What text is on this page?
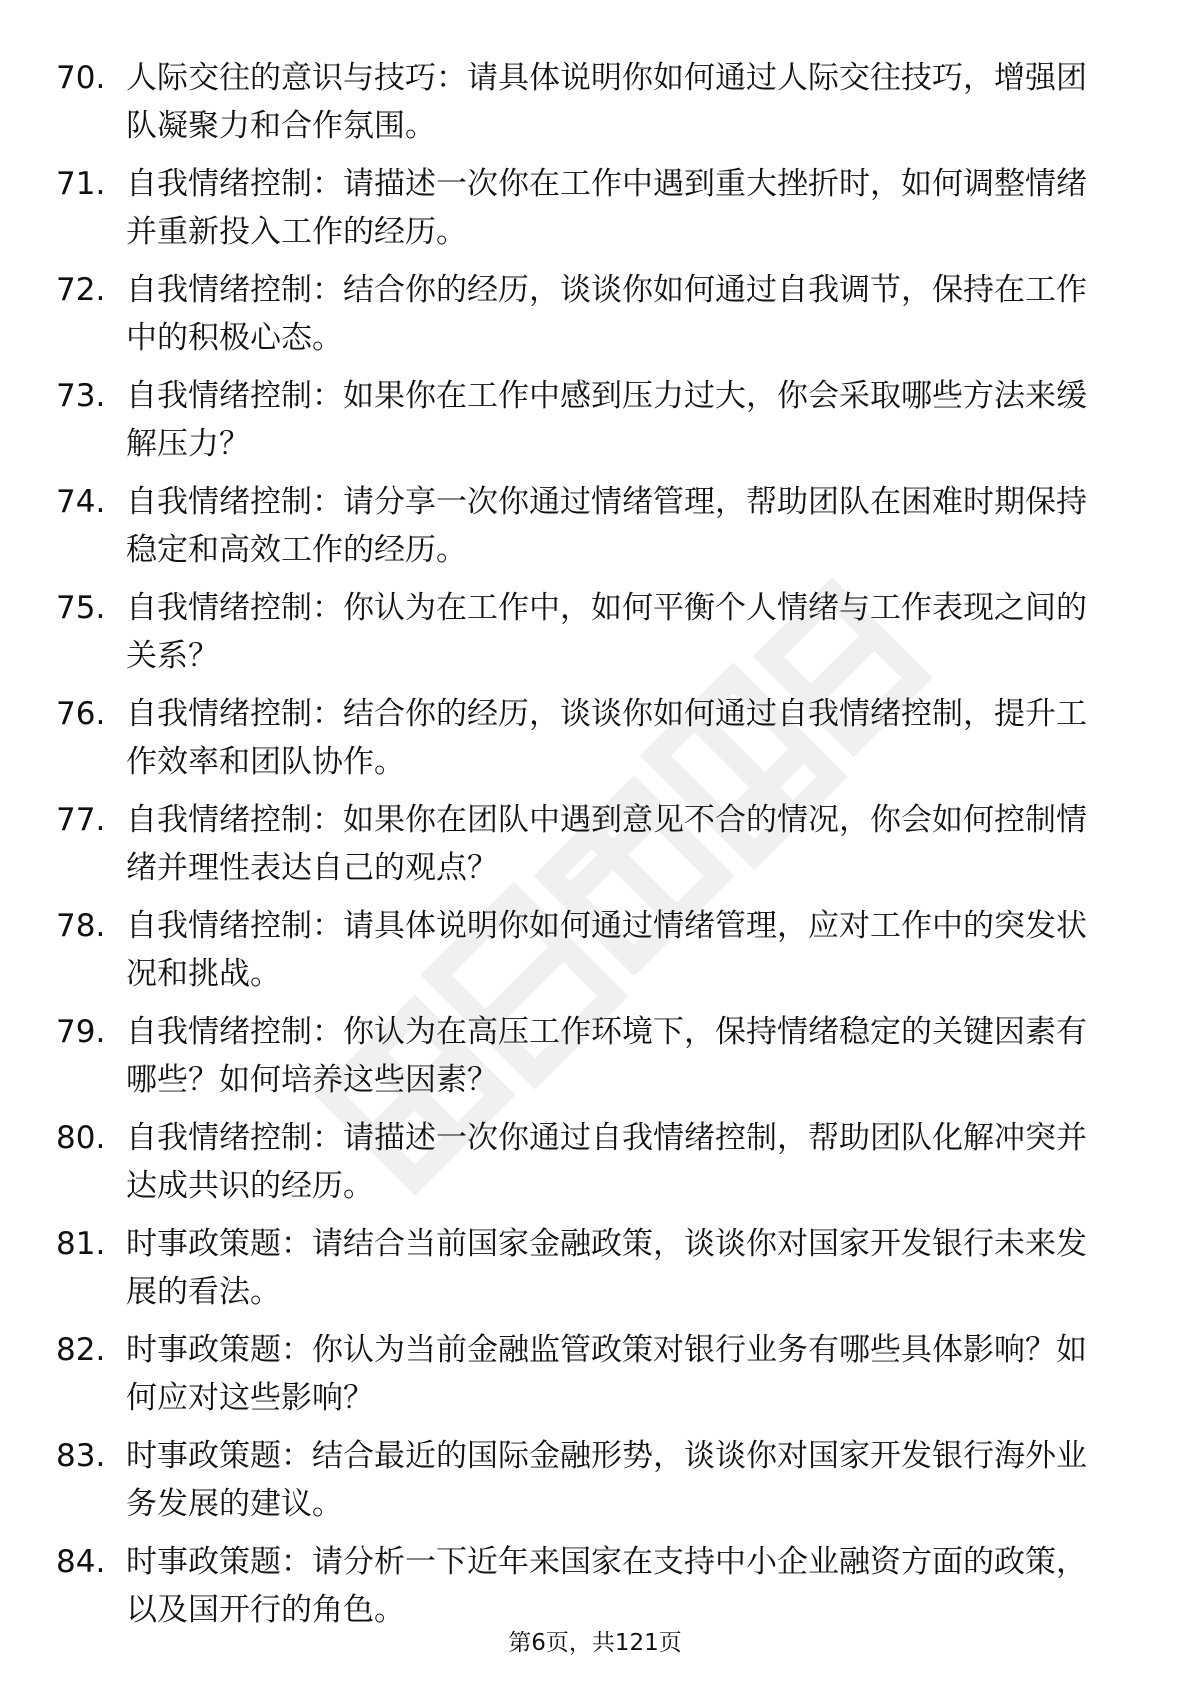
70. 人际交往的意识与技巧：请具体说明你如何通过人际交往技巧，增强团队凝聚力和合作氛围。
71. 自我情绪控制：请描述一次你在工作中遇到重大挫折时，如何调整情绪并重新投入工作的经历。
72. 自我情绪控制：结合你的经历，谈谈你如何通过自我调节，保持在工作中的积极心态。
73. 自我情绪控制：如果你在工作中感到压力过大，你会采取哪些方法来缓解压力？
74. 自我情绪控制：请分享一次你通过情绪管理，帮助团队在困难时期保持稳定和高效工作的经历。
75. 自我情绪控制：你认为在工作中，如何平衡个人情绪与工作表现之间的关系？
76. 自我情绪控制：结合你的经历，谈谈你如何通过自我情绪控制，提升工作效率和团队协作。
77. 自我情绪控制：如果你在团队中遇到意见不合的情况，你会如何控制情绪并理性表达自己的观点？
78. 自我情绪控制：请具体说明你如何通过情绪管理，应对工作中的突发状况和挑战。
79. 自我情绪控制：你认为在高压工作环境下，保持情绪稳定的关键因素有哪些？如何培养这些因素？
80. 自我情绪控制：请描述一次你通过自我情绪控制，帮助团队化解冲突并达成共识的经历。
81. 时事政策题：请结合当前国家金融政策，谈谈你对国家开发银行未来发展的看法。
82. 时事政策题：你认为当前金融监管政策对银行业务有哪些具体影响？如何应对这些影响？
83. 时事政策题：结合最近的国际金融形势，谈谈你对国家开发银行海外业务发展的建议。
84. 时事政策题：请分析一下近年来国家在支持中小企业融资方面的政策，以及国开行的角色。
第6页，共121页
